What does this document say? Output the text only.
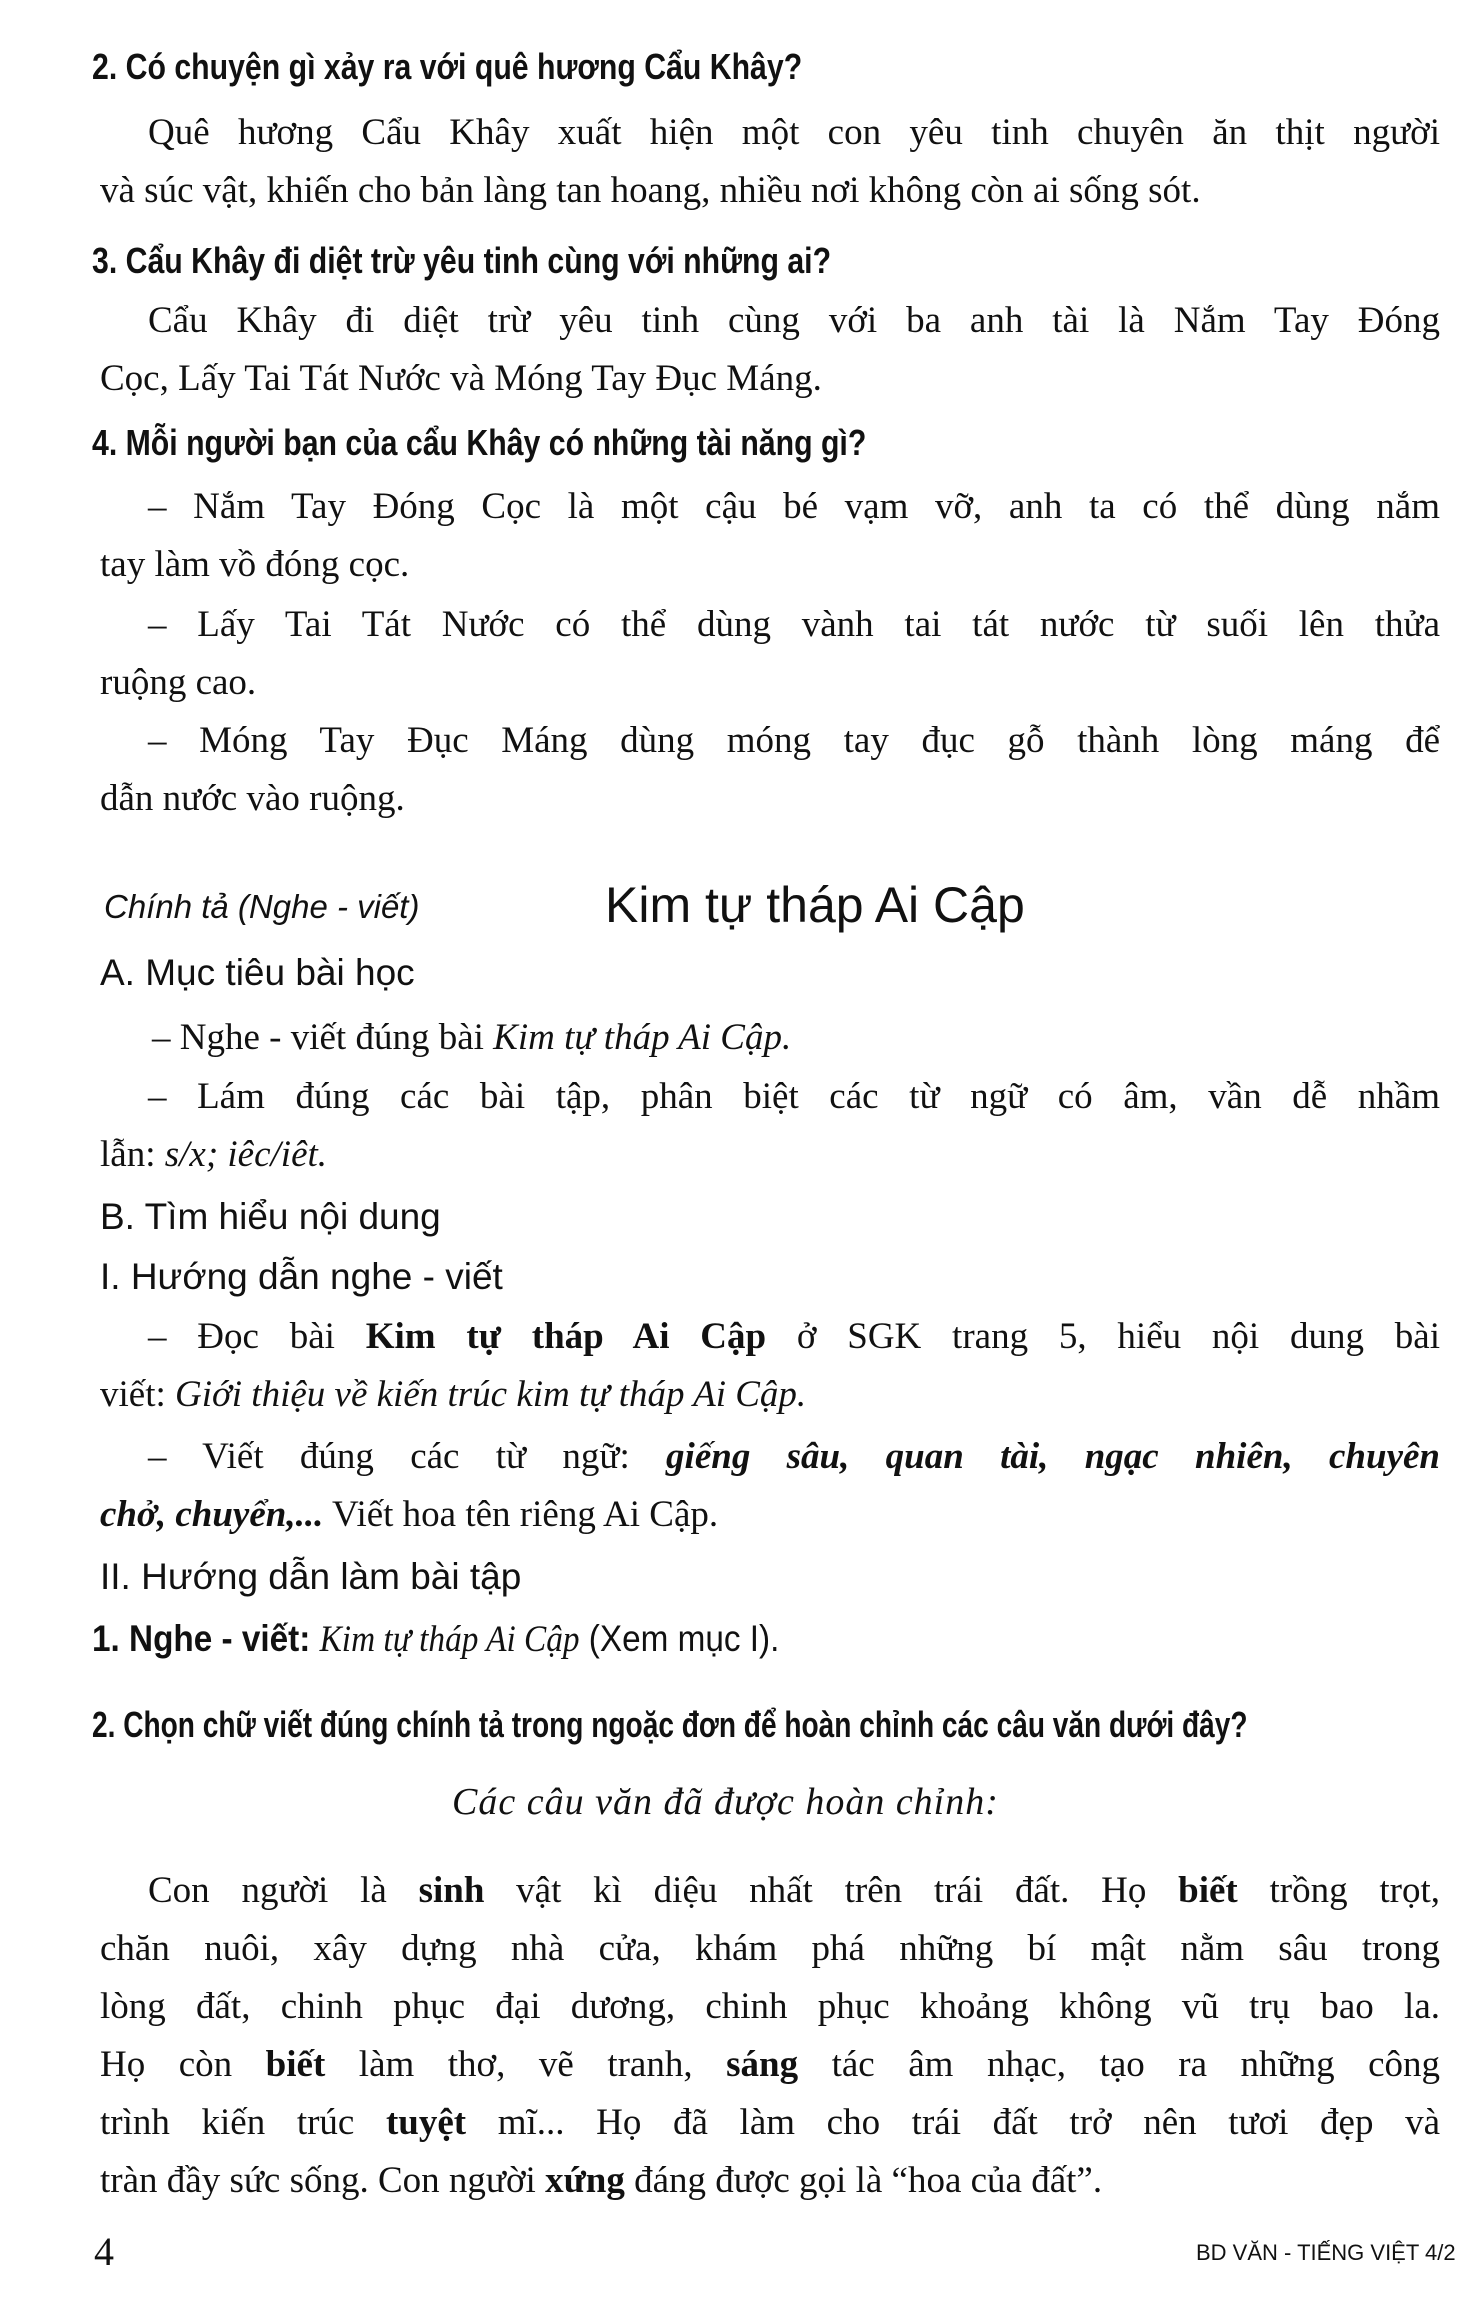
2. Có chuyện gì xảy ra với quê hương Cẩu Khây?
Quê hương Cẩu Khây xuất hiện một con yêu tinh chuyên ăn thịt người
và súc vật, khiến cho bản làng tan hoang, nhiều nơi không còn ai sống sót.
3. Cẩu Khây đi diệt trừ yêu tinh cùng với những ai?
Cẩu Khây đi diệt trừ yêu tinh cùng với ba anh tài là Nắm Tay Đóng
Cọc, Lấy Tai Tát Nước và Móng Tay Đục Máng.
4. Mỗi người bạn của cẩu Khây có những tài năng gì?
– Nắm Tay Đóng Cọc là một cậu bé vạm vỡ, anh ta có thể dùng nắm
tay làm vồ đóng cọc.
– Lấy Tai Tát Nước có thể dùng vành tai tát nước từ suối lên thửa
ruộng cao.
– Móng Tay Đục Máng dùng móng tay đục gỗ thành lòng máng để
dẫn nước vào ruộng.
Chính tả (Nghe - viết)	Kim tự tháp Ai Cập
A. Mục tiêu bài học
– Nghe - viết đúng bài Kim tự tháp Ai Cập.
– Lám đúng các bài tập, phân biệt các từ ngữ có âm, vần dễ nhầm
lẫn: s/x; iêc/iêt.
B. Tìm hiểu nội dung
I. Hướng dẫn nghe - viết
– Đọc bài Kim tự tháp Ai Cập ở SGK trang 5, hiểu nội dung bài
viết: Giới thiệu về kiến trúc kim tự tháp Ai Cập.
– Viết đúng các từ ngữ: giếng sâu, quan tài, ngạc nhiên, chuyên
chở, chuyển,... Viết hoa tên riêng Ai Cập.
II. Hướng dẫn làm bài tập
1. Nghe - viết: Kim tự tháp Ai Cập (Xem mục I).
2. Chọn chữ viết đúng chính tả trong ngoặc đơn để hoàn chỉnh các câu văn dưới đây?
Các câu văn đã được hoàn chỉnh:
Con người là sinh vật kì diệu nhất trên trái đất. Họ biết trồng trọt,
chăn nuôi, xây dựng nhà cửa, khám phá những bí mật nằm sâu trong
lòng đất, chinh phục đại dương, chinh phục khoảng không vũ trụ bao la.
Họ còn biết làm thơ, vẽ tranh, sáng tác âm nhạc, tạo ra những công
trình kiến trúc tuyệt mĩ... Họ đã làm cho trái đất trở nên tươi đẹp và
tràn đầy sức sống. Con người xứng đáng được gọi là “hoa của đất”.
4	BD VĂN - TIẾNG VIỆT 4/2
